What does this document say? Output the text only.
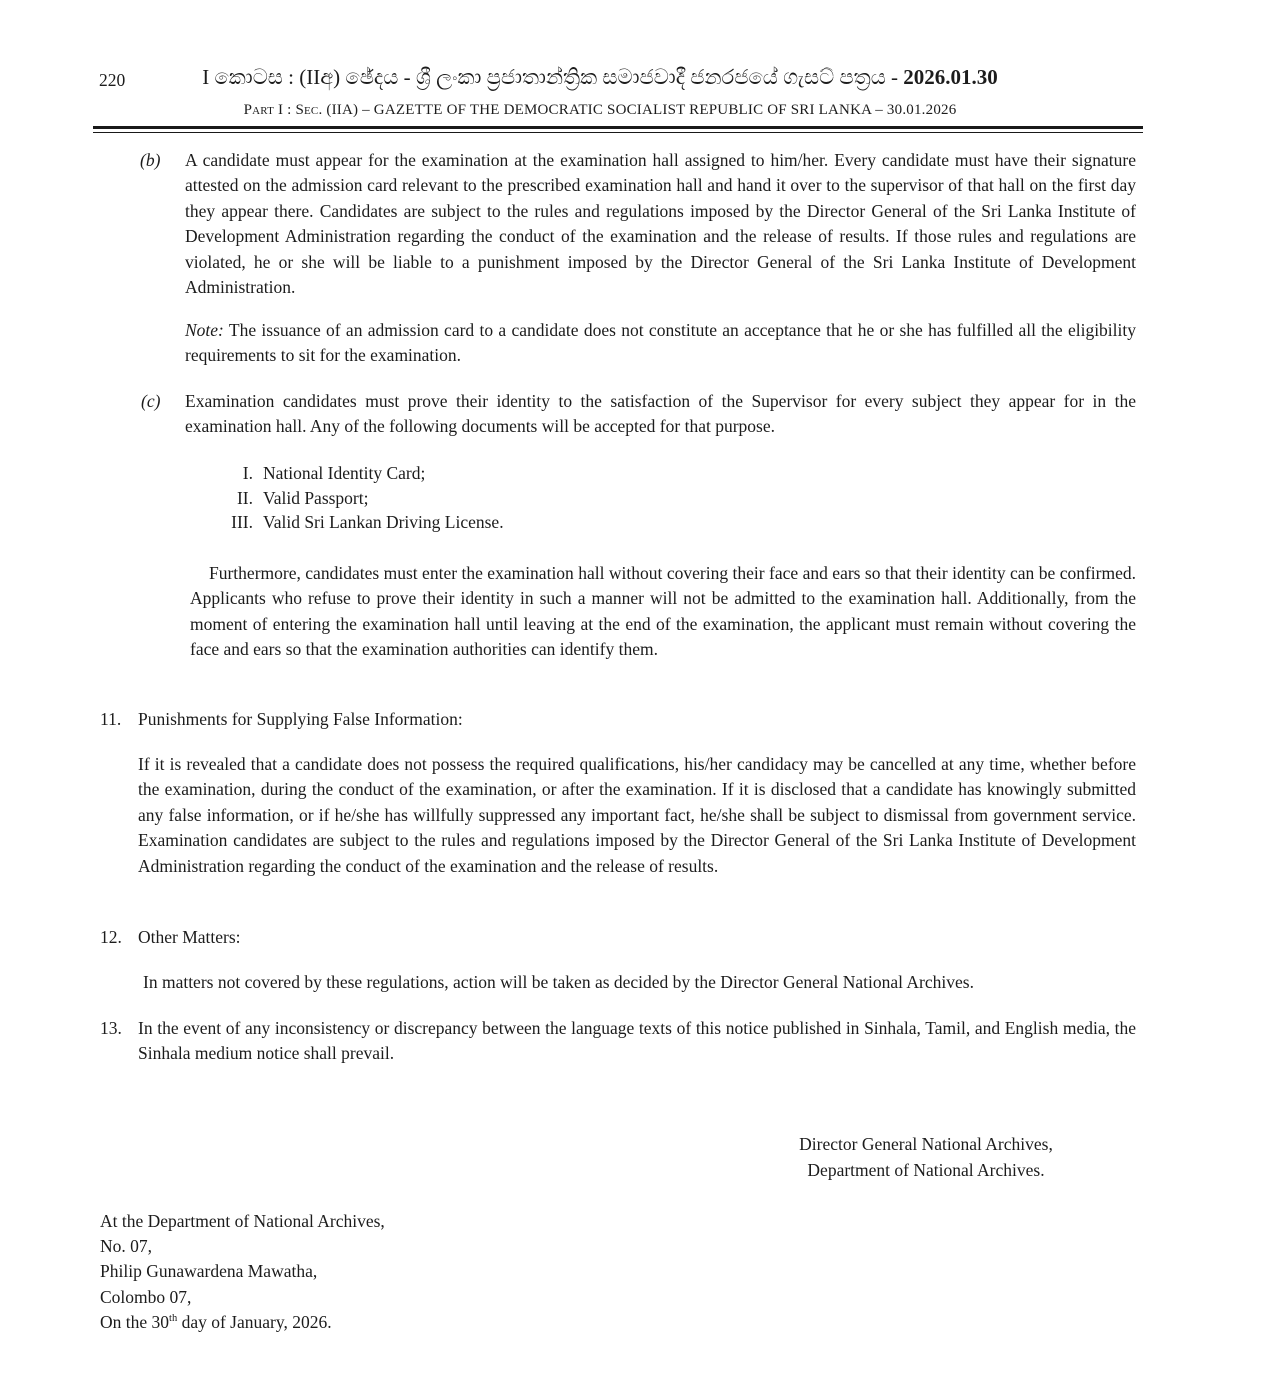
220	I කොටස : (IIඅ) ඡේදය - ශ්‍රී ලංකා ප්‍රජාතාන්ත්‍රික සමාජවාදී ජනරජයේ ගැසට් පත්‍රය - 2026.01.30
Part I : Sec. (IIA) – GAZETTE OF THE DEMOCRATIC SOCIALIST REPUBLIC OF SRI LANKA – 30.01.2026
(b) A candidate must appear for the examination at the examination hall assigned to him/her. Every candidate must have their signature attested on the admission card relevant to the prescribed examination hall and hand it over to the supervisor of that hall on the first day they appear there. Candidates are subject to the rules and regulations imposed by the Director General of the Sri Lanka Institute of Development Administration regarding the conduct of the examination and the release of results. If those rules and regulations are violated, he or she will be liable to a punishment imposed by the Director General of the Sri Lanka Institute of Development Administration.
Note: The issuance of an admission card to a candidate does not constitute an acceptance that he or she has fulfilled all the eligibility requirements to sit for the examination.
(c) Examination candidates must prove their identity to the satisfaction of the Supervisor for every subject they appear for in the examination hall. Any of the following documents will be accepted for that purpose.
I. National Identity Card;
II. Valid Passport;
III. Valid Sri Lankan Driving License.
Furthermore, candidates must enter the examination hall without covering their face and ears so that their identity can be confirmed. Applicants who refuse to prove their identity in such a manner will not be admitted to the examination hall. Additionally, from the moment of entering the examination hall until leaving at the end of the examination, the applicant must remain without covering the face and ears so that the examination authorities can identify them.
11. Punishments for Supplying False Information:
If it is revealed that a candidate does not possess the required qualifications, his/her candidacy may be cancelled at any time, whether before the examination, during the conduct of the examination, or after the examination. If it is disclosed that a candidate has knowingly submitted any false information, or if he/she has willfully suppressed any important fact, he/she shall be subject to dismissal from government service. Examination candidates are subject to the rules and regulations imposed by the Director General of the Sri Lanka Institute of Development Administration regarding the conduct of the examination and the release of results.
12. Other Matters:
In matters not covered by these regulations, action will be taken as decided by the Director General National Archives.
13. In the event of any inconsistency or discrepancy between the language texts of this notice published in Sinhala, Tamil, and English media, the Sinhala medium notice shall prevail.
Director General National Archives,
Department of National Archives.
At the Department of National Archives,
No. 07,
Philip Gunawardena Mawatha,
Colombo 07,
On the 30th day of January, 2026.
